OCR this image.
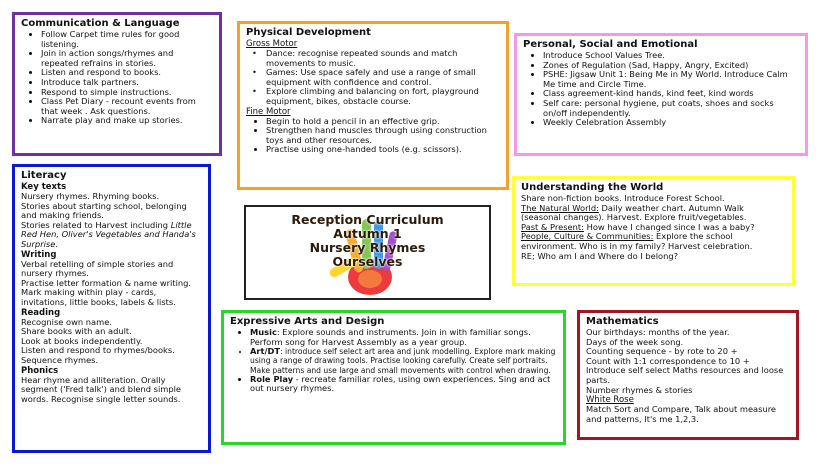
Communication & Language
• Follow Carpet time rules for good listening.
• Join in action songs/rhymes and repeated refrains in stories.
• Listen and respond to books.
• Introduce talk partners.
• Respond to simple instructions.
• Class Pet Diary - recount events from that week . Ask questions.
• Narrate play and make up stories.
Literacy
Key texts
Nursery rhymes. Rhyming books.
Stories about starting school, belonging and making friends.
Stories related to Harvest including Little Red Hen, Oliver's Vegetables and Handa's Surprise.
Writing
Verbal retelling of simple stories and nursery rhymes.
Practise letter formation & name writing.
Mark making within play - cards, invitations, little books, labels & lists.
Reading
Recognise own name.
Share books with an adult.
Look at books independently.
Listen and respond to rhymes/books.
Sequence rhymes.
Phonics
Hear rhyme and alliteration. Orally segment ('Fred talk') and blend simple words. Recognise single letter sounds.
Physical Development
Gross Motor
• Dance: recognise repeated sounds and match movements to music.
• Games: Use space safely and use a range of small equipment with confidence and control.
• Explore climbing and balancing on fort, playground equipment, bikes, obstacle course.
Fine Motor
• Begin to hold a pencil in an effective grip.
• Strengthen hand muscles through using construction toys and other resources.
• Practise using one-handed tools (e.g. scissors).
Personal, Social and Emotional
• Introduce School Values Tree.
• Zones of Regulation (Sad, Happy, Angry, Excited)
• PSHE: Jigsaw Unit 1: Being Me in My World. Introduce Calm Me time and Circle Time.
• Class agreement-kind hands, kind feet, kind words
• Self care: personal hygiene, put coats, shoes and socks on/off independently.
• Weekly Celebration Assembly
Reception Curriculum
Autumn 1
Nursery Rhymes
Ourselves
Understanding the World
Share non-fiction books. Introduce Forest School.
The Natural World: Daily weather chart. Autumn Walk (seasonal changes). Harvest. Explore fruit/vegetables.
Past & Present: How have I changed since I was a baby?
People, Culture & Communities: Explore the school environment. Who is in my family? Harvest celebration.
RE; Who am I and Where do I belong?
Expressive Arts and Design
• Music: Explore sounds and instruments. Join in with familiar songs. Perform song for Harvest Assembly as a year group.
• Art/DT: introduce self select art area and junk modelling. Explore mark making using a range of drawing tools. Practise looking carefully. Create self portraits. Make patterns and use large and small movements with control when drawing.
• Role Play - recreate familiar roles, using own experiences. Sing and act out nursery rhymes.
Mathematics
Our birthdays: months of the year.
Days of the week song.
Counting sequence - by rote to 20 +
Count with 1:1 correspondence to 10 +
Introduce self select Maths resources and loose parts.
Number rhymes & stories
White Rose
Match Sort and Compare, Talk about measure and patterns, It's me 1,2,3.
